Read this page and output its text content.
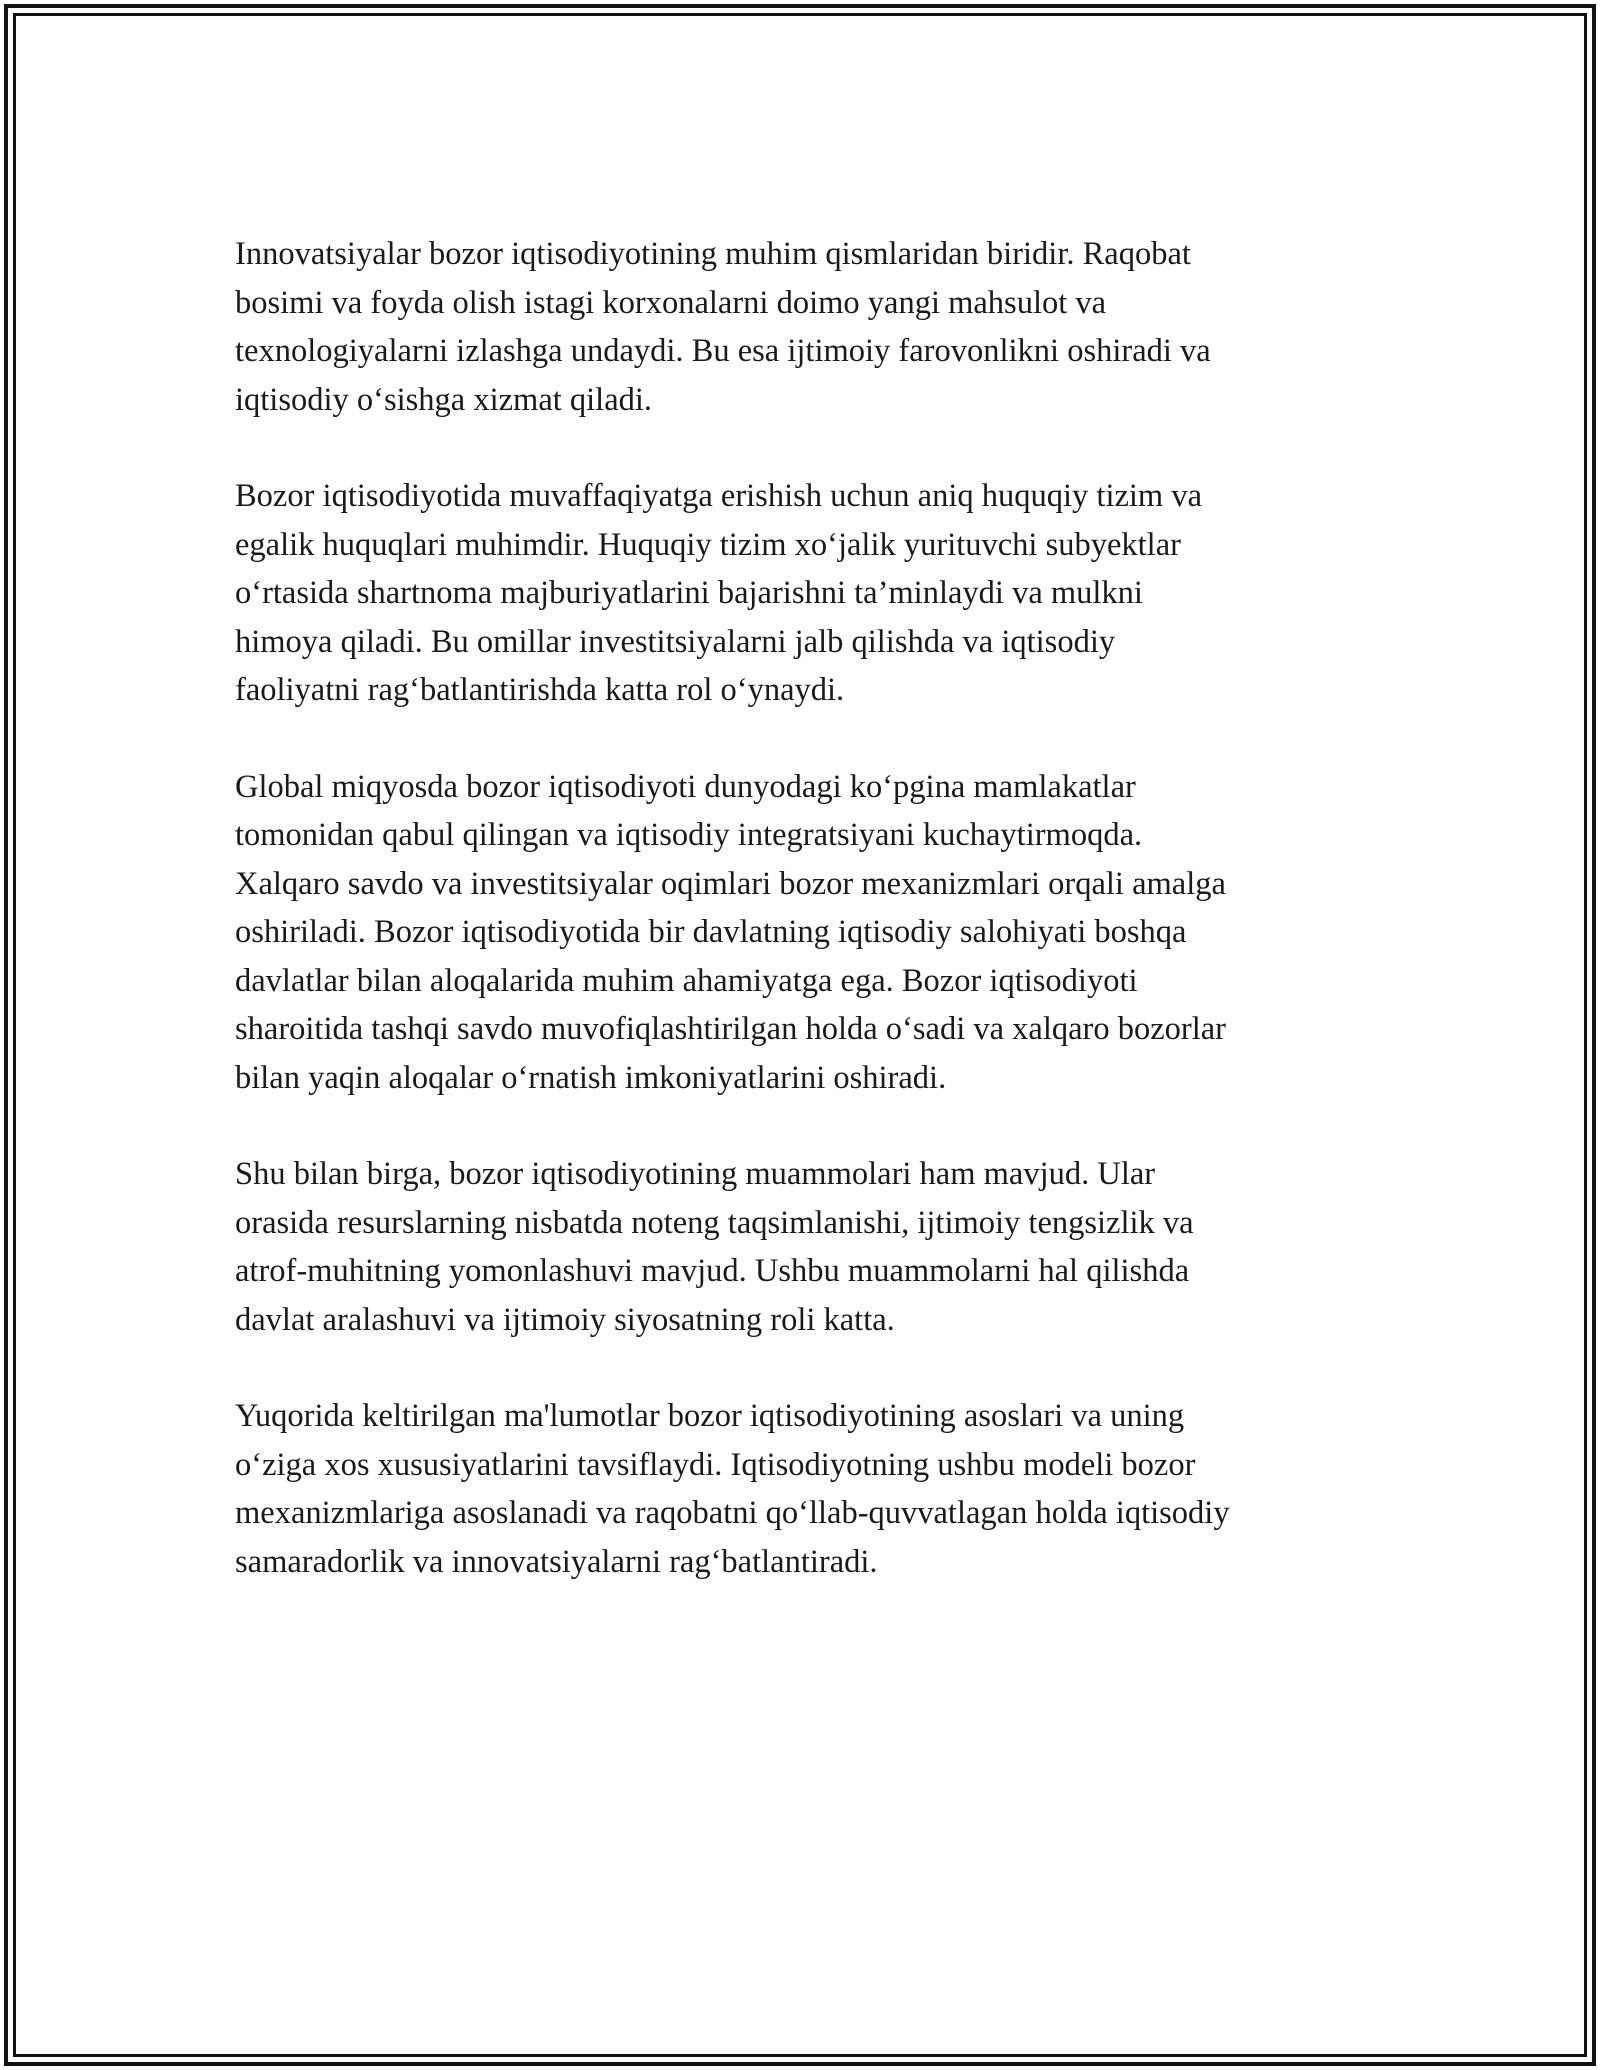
Innovatsiyalar bozor iqtisodiyotining muhim qismlaridan biridir. Raqobat
bosimi va foyda olish istagi korxonalarni doimo yangi mahsulot va
texnologiyalarni izlashga undaydi. Bu esa ijtimoiy farovonlikni oshiradi va
iqtisodiy o‘sishga xizmat qiladi.

Bozor iqtisodiyotida muvaffaqiyatga erishish uchun aniq huquqiy tizim va
egalik huquqlari muhimdir. Huquqiy tizim xo‘jalik yurituvchi subyektlar
o‘rtasida shartnoma majburiyatlarini bajarishni ta’minlaydi va mulkni
himoya qiladi. Bu omillar investitsiyalarni jalb qilishda va iqtisodiy
faoliyatni rag‘batlantirishda katta rol o‘ynaydi.

Global miqyosda bozor iqtisodiyoti dunyodagi ko‘pgina mamlakatlar
tomonidan qabul qilingan va iqtisodiy integratsiyani kuchaytirmoqda.
Xalqaro savdo va investitsiyalar oqimlari bozor mexanizmlari orqali amalga
oshiriladi. Bozor iqtisodiyotida bir davlatning iqtisodiy salohiyati boshqa
davlatlar bilan aloqalarida muhim ahamiyatga ega. Bozor iqtisodiyoti
sharoitida tashqi savdo muvofiqlashtirilgan holda o‘sadi va xalqaro bozorlar
bilan yaqin aloqalar o‘rnatish imkoniyatlarini oshiradi.

Shu bilan birga, bozor iqtisodiyotining muammolari ham mavjud. Ular
orasida resurslarning nisbatda noteng taqsimlanishi, ijtimoiy tengsizlik va
atrof-muhitning yomonlashuvi mavjud. Ushbu muammolarni hal qilishda
davlat aralashuvi va ijtimoiy siyosatning roli katta.

Yuqorida keltirilgan ma'lumotlar bozor iqtisodiyotining asoslari va uning
o‘ziga xos xususiyatlarini tavsiflaydi. Iqtisodiyotning ushbu modeli bozor
mexanizmlariga asoslanadi va raqobatni qo‘llab-quvvatlagan holda iqtisodiy
samaradorlik va innovatsiyalarni rag‘batlantiradi.
